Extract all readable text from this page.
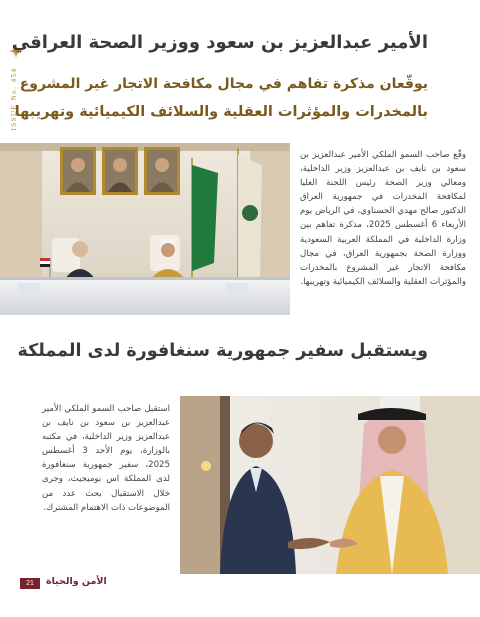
ISSUE No. 454
الأمير عبدالعزيز بن سعود ووزير الصحة العراقي
يوقّعان مذكرة تفاهم في مجال مكافحة الاتجار غير المشروع
بالمخدرات والمؤثرات العقلية والسلائف الكيميائية وتهريبها

وقّع صاحب السمو الملكي الأمير عبدالعزيز بن سعود بن نايف بن عبدالعزيز وزير الداخلية، ومعالي وزير الصحة رئيس اللجنة العليا لمكافحة المخدرات في جمهورية العراق الدكتور صالح مهدي الحسناوي، في الرياض يوم الأربعاء 6 أغسطس 2025، مذكرة تفاهم بين وزارة الداخلية في المملكة العربية السعودية ووزارة الصحة بجمهورية العراق، في مجال مكافحة الاتجار غير المشروع بالمخدرات والمؤثرات العقلية والسلائف الكيميائية وتهريبها.

ويستقبل سفير جمهورية سنغافورة لدى المملكة

استقبل صاحب السمو الملكي الأمير عبدالعزيز بن سعود بن نايف بن عبدالعزيز وزير الداخلية، في مكتبه بالوزارة، يوم الأحد 3 أغسطس 2025، سفير جمهورية سنغافورة لدى المملكة اس بوميجيث، وجرى خلال الاستقبال بحث عدد من الموضوعات ذات الاهتمام المشترك.

21	الأمن والحياة
